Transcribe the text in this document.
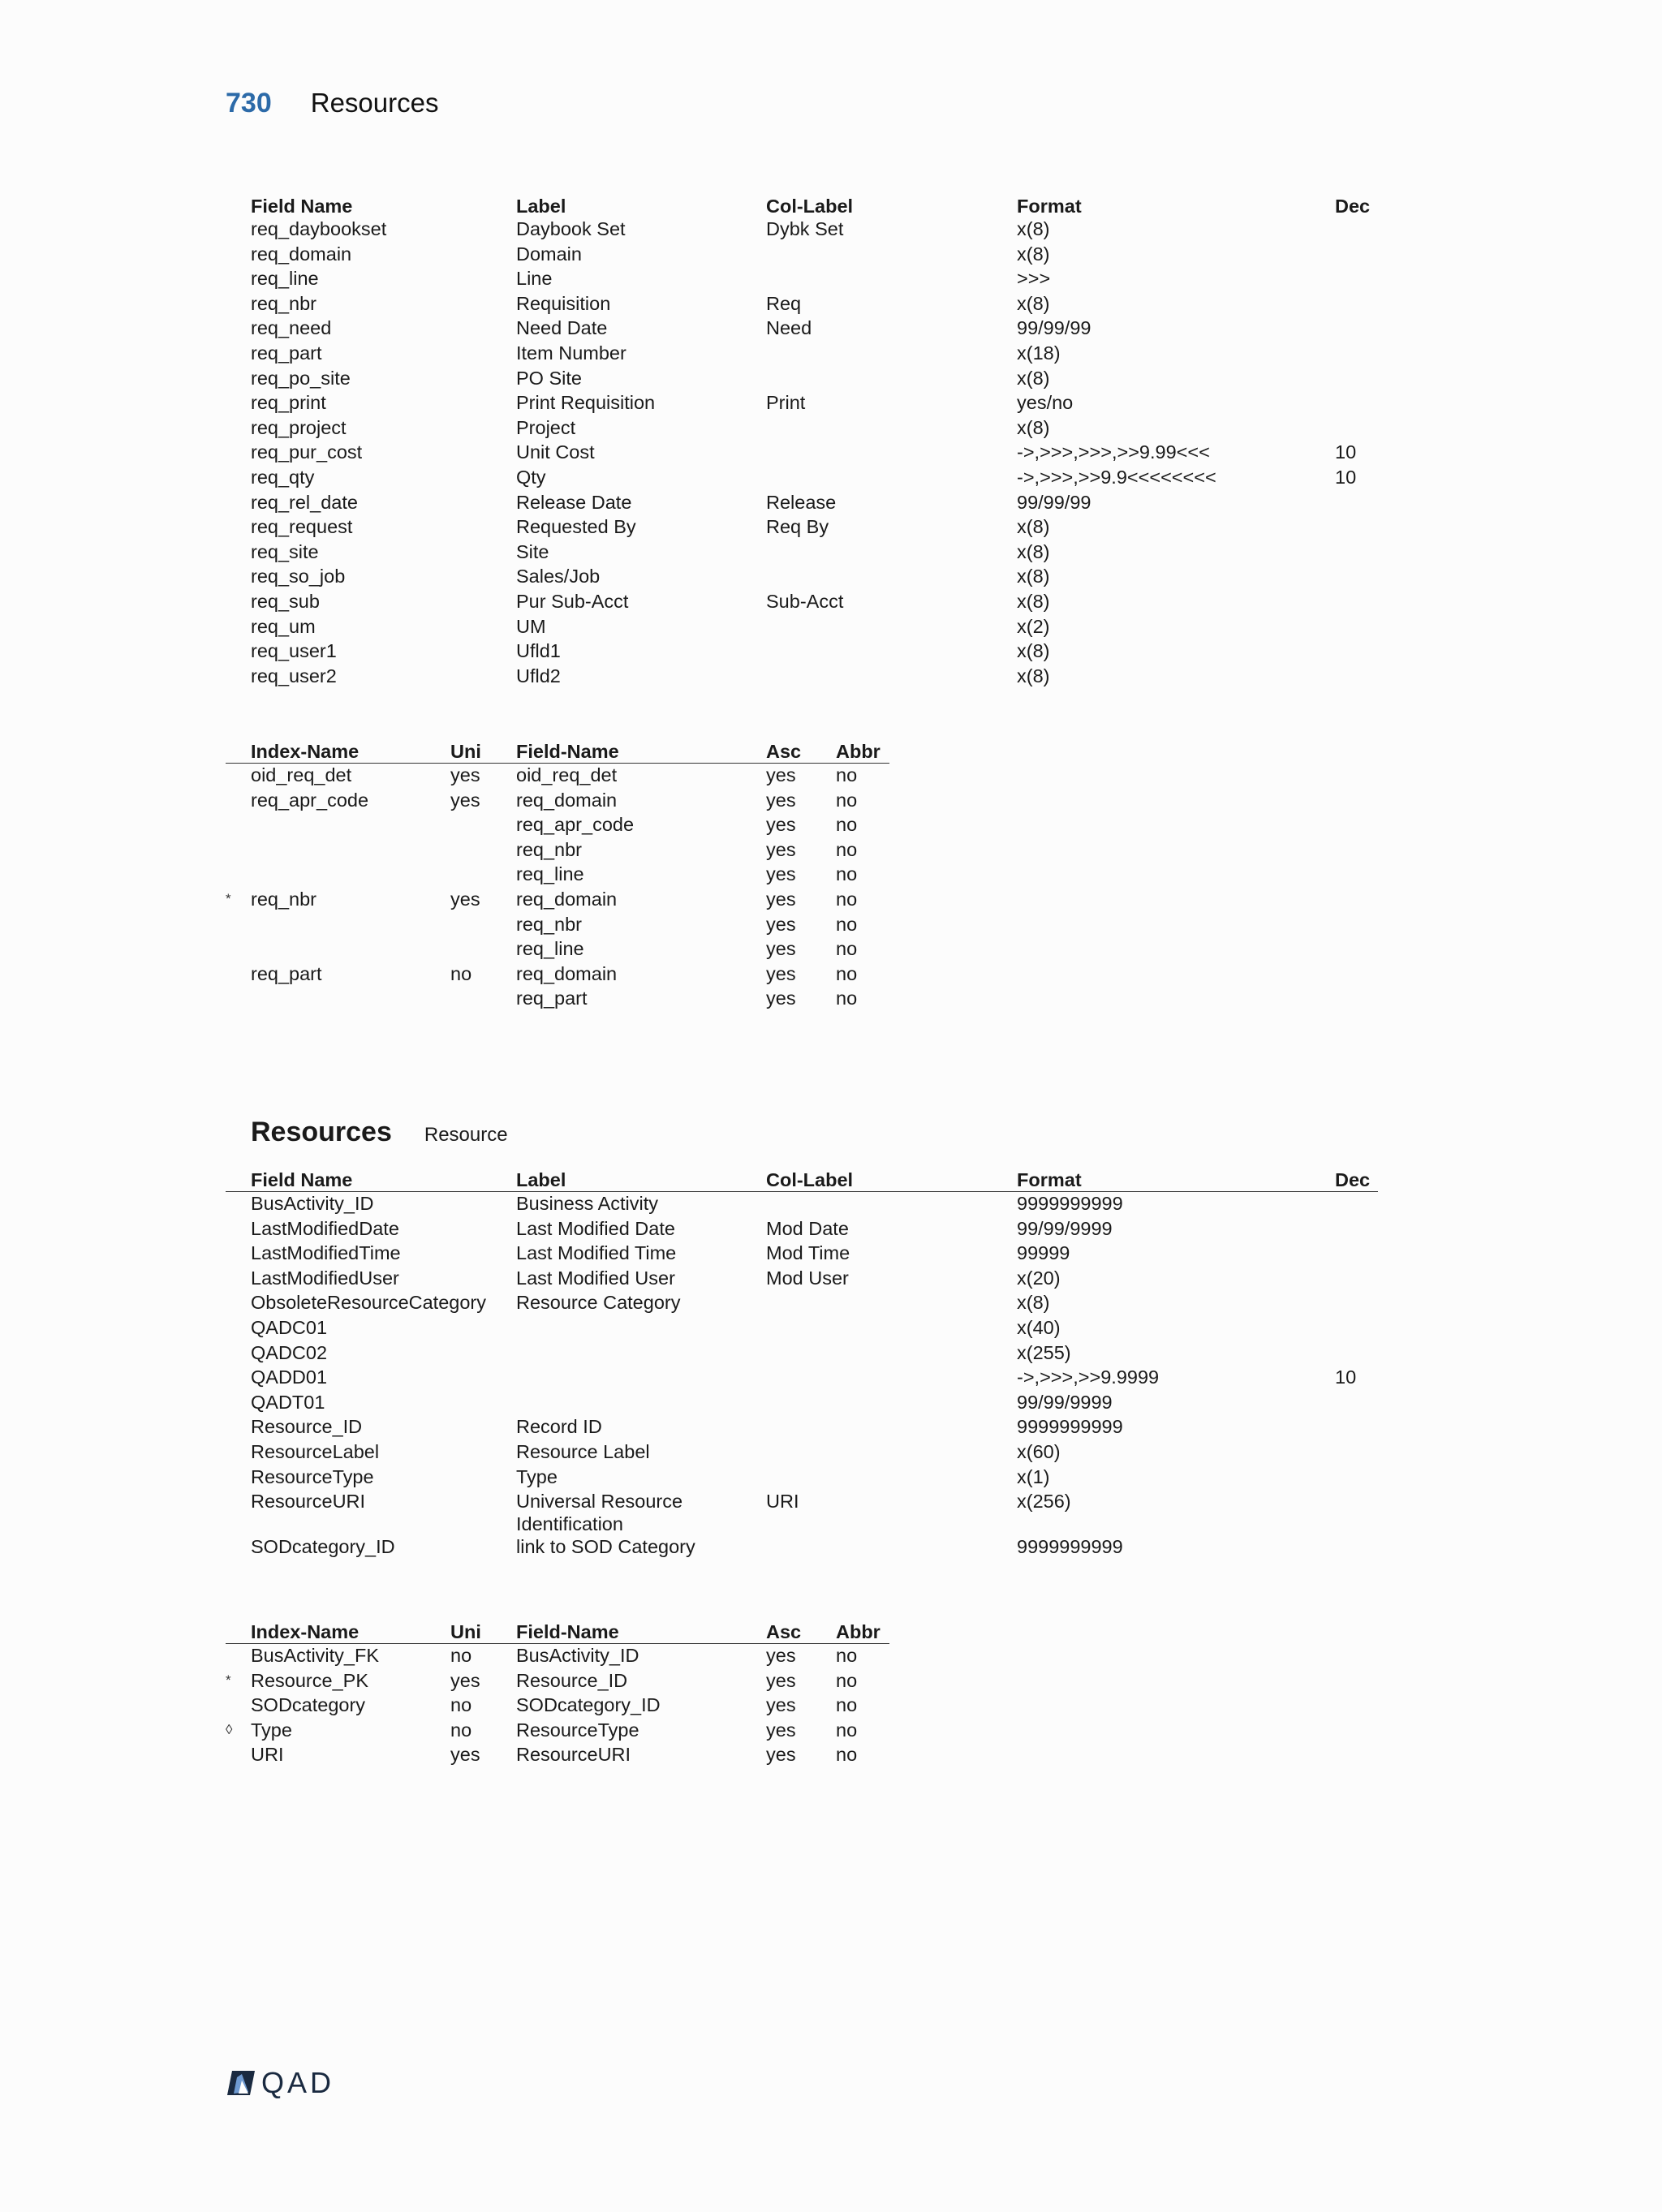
730 Resources
	Field Name	Label	Col-Label	Format	Dec
	req_daybookset	Daybook Set	Dybk Set	x(8)	
	req_domain	Domain		x(8)	
	req_line	Line		>>>	
	req_nbr	Requisition	Req	x(8)	
	req_need	Need Date	Need	99/99/99	
	req_part	Item Number		x(18)	
	req_po_site	PO Site		x(8)	
	req_print	Print Requisition	Print	yes/no	
	req_project	Project		x(8)	
	req_pur_cost	Unit Cost		->,>>>,>>>,>>9.99<<<	10
	req_qty	Qty		->,>>>,>>9.9<<<<<<<<	10
	req_rel_date	Release Date	Release	99/99/99	
	req_request	Requested By	Req By	x(8)	
	req_site	Site		x(8)	
	req_so_job	Sales/Job		x(8)	
	req_sub	Pur Sub-Acct	Sub-Acct	x(8)	
	req_um	UM		x(2)	
	req_user1	Ufld1		x(8)	
	req_user2	Ufld2		x(8)	
	Index-Name	Uni	Field-Name	Asc	Abbr
	oid_req_det	yes	oid_req_det	yes	no
	req_apr_code	yes	req_domain	yes	no
			req_apr_code	yes	no
			req_nbr	yes	no
			req_line	yes	no
*	req_nbr	yes	req_domain	yes	no
			req_nbr	yes	no
			req_line	yes	no
	req_part	no	req_domain	yes	no
			req_part	yes	no
Resources Resource
	Field Name	Label	Col-Label	Format	Dec
	BusActivity_ID	Business Activity		9999999999	
	LastModifiedDate	Last Modified Date	Mod Date	99/99/9999	
	LastModifiedTime	Last Modified Time	Mod Time	99999	
	LastModifiedUser	Last Modified User	Mod User	x(20)	
	ObsoleteResourceCategory	Resource Category		x(8)	
	QADC01			x(40)	
	QADC02			x(255)	
	QADD01			->,>>>,>>9.9999	10
	QADT01			99/99/9999	
	Resource_ID	Record ID		9999999999	
	ResourceLabel	Resource Label		x(60)	
	ResourceType	Type		x(1)	
	ResourceURI	Universal Resource Identification	URI	x(256)	
	SODcategory_ID	link to SOD Category		9999999999	
	Index-Name	Uni	Field-Name	Asc	Abbr
	BusActivity_FK	no	BusActivity_ID	yes	no
*	Resource_PK	yes	Resource_ID	yes	no
	SODcategory	no	SODcategory_ID	yes	no
◊	Type	no	ResourceType	yes	no
	URI	yes	ResourceURI	yes	no
QAD
